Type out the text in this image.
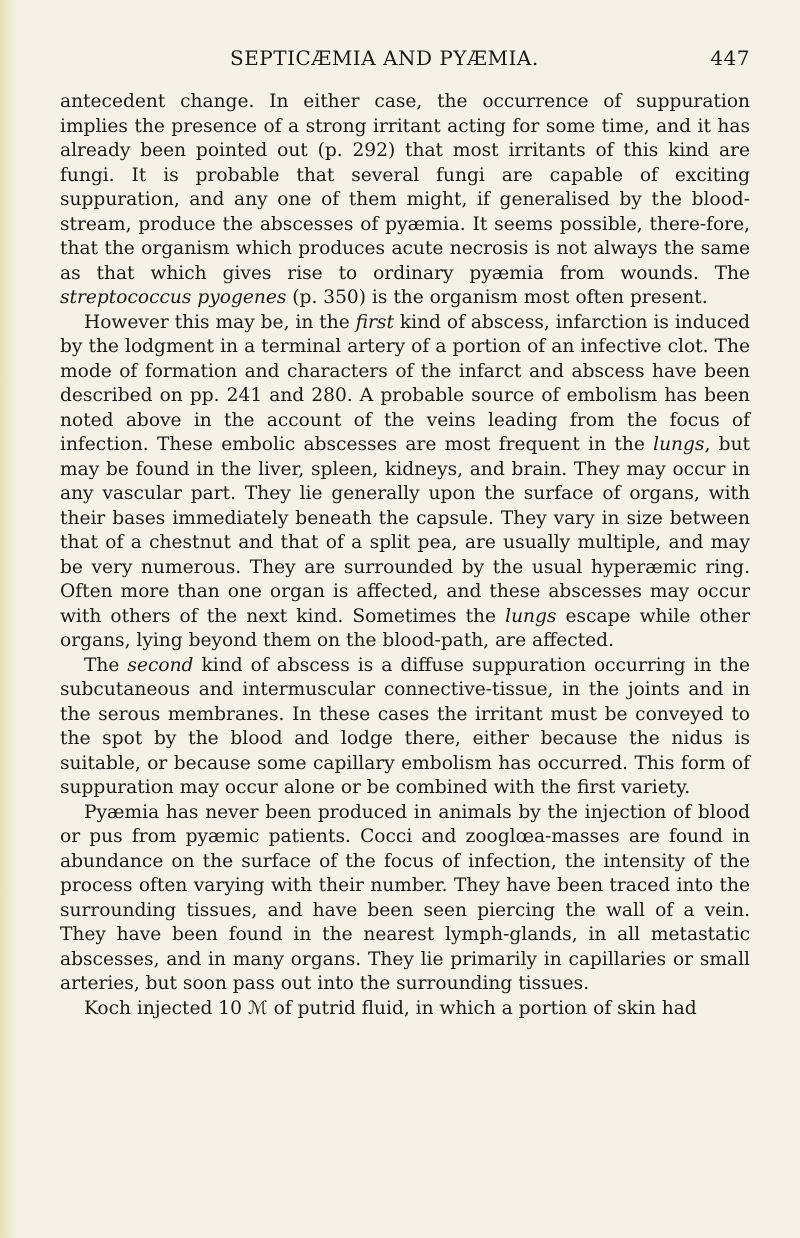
SEPTICÆMIA AND PYÆMIA.	447

antecedent change. In either case, the occurrence of suppuration implies the presence of a strong irritant acting for some time, and it has already been pointed out (p. 292) that most irritants of this kind are fungi. It is probable that several fungi are capable of exciting suppuration, and any one of them might, if generalised by the blood-stream, produce the abscesses of pyæmia. It seems possible, there-fore, that the organism which produces acute necrosis is not always the same as that which gives rise to ordinary pyæmia from wounds. The streptococcus pyogenes (p. 350) is the organism most often present.

However this may be, in the first kind of abscess, infarction is induced by the lodgment in a terminal artery of a portion of an infective clot. The mode of formation and characters of the infarct and abscess have been described on pp. 241 and 280. A probable source of embolism has been noted above in the account of the veins leading from the focus of infection. These embolic abscesses are most frequent in the lungs, but may be found in the liver, spleen, kidneys, and brain. They may occur in any vascular part. They lie generally upon the surface of organs, with their bases immediately beneath the capsule. They vary in size between that of a chestnut and that of a split pea, are usually multiple, and may be very numerous. They are surrounded by the usual hyperæmic ring. Often more than one organ is affected, and these abscesses may occur with others of the next kind. Sometimes the lungs escape while other organs, lying beyond them on the blood-path, are affected.

The second kind of abscess is a diffuse suppuration occurring in the subcutaneous and intermuscular connective-tissue, in the joints and in the serous membranes. In these cases the irritant must be conveyed to the spot by the blood and lodge there, either because the nidus is suitable, or because some capillary embolism has occurred. This form of suppuration may occur alone or be combined with the first variety.

Pyæmia has never been produced in animals by the injection of blood or pus from pyæmic patients. Cocci and zooglœa-masses are found in abundance on the surface of the focus of infection, the intensity of the process often varying with their number. They have been traced into the surrounding tissues, and have been seen piercing the wall of a vein. They have been found in the nearest lymph-glands, in all metastatic abscesses, and in many organs. They lie primarily in capillaries or small arteries, but soon pass out into the surrounding tissues.

Koch injected 10 ℳ of putrid fluid, in which a portion of skin had
